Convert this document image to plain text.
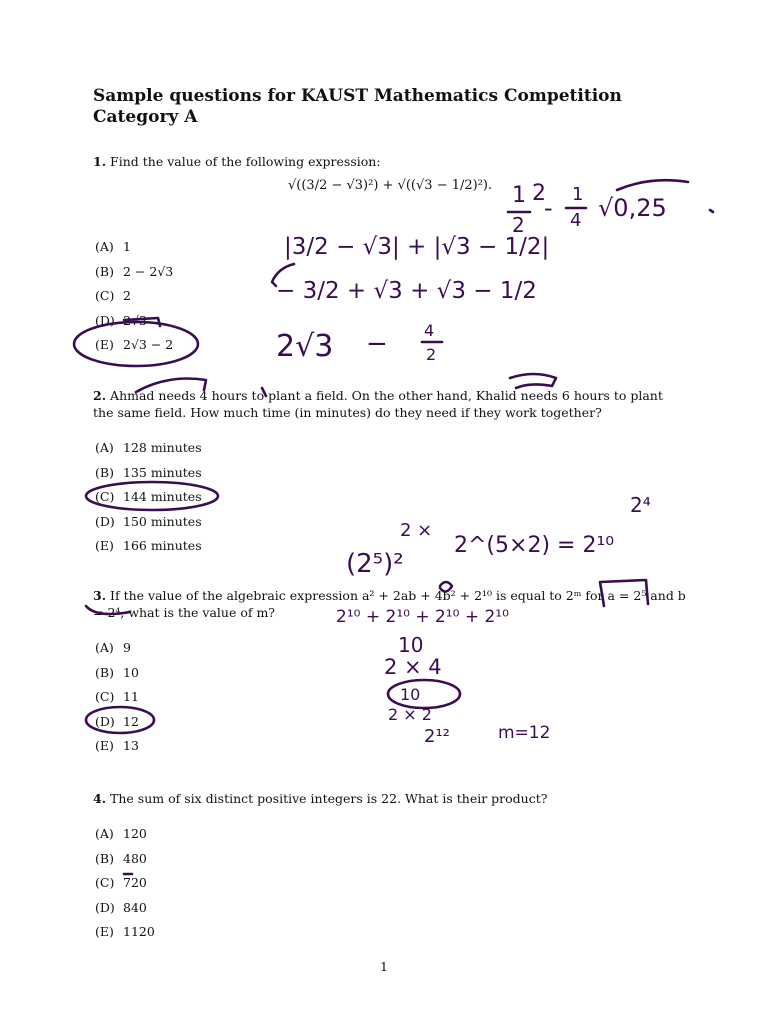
Sample questions for KAUST Mathematics Competition
Category A
1. Find the value of the following expression:
√((3/2 − √3)²) + √((√3 − 1/2)²).
(A) 1
(B) 2 − 2√3
(C) 2
(D) 2√3
(E) 2√3 − 2
2. Ahmad needs 4 hours to plant a field. On the other hand, Khalid needs 6 hours to plant the same field. How much time (in minutes) do they need if they work together?
(A) 128 minutes
(B) 135 minutes
(C) 144 minutes
(D) 150 minutes
(E) 166 minutes
3. If the value of the algebraic expression a² + 2ab + 4b² + 2¹⁰ is equal to 2ᵐ for a = 2⁵ and b = 2⁴, what is the value of m?
(A) 9
(B) 10
(C) 11
(D) 12
(E) 13
4. The sum of six distinct positive integers is 22. What is their product?
(A) 120
(B) 480
(C) 720
(D) 840
(E) 1120
1
1
2
2
- 1
4 √0,25
|3/2 − √3| + |√3 − 1/2|
− 3/2 + √3 + √3 − 1/2
2√3 − 4
2
2⁴
2 ×
(2⁵)²
2^(5×2) = 2¹⁰
2¹⁰ + 2¹⁰ + 2¹⁰ + 2¹⁰
10
2 × 4
10
2 × 2
2¹²	m=12
